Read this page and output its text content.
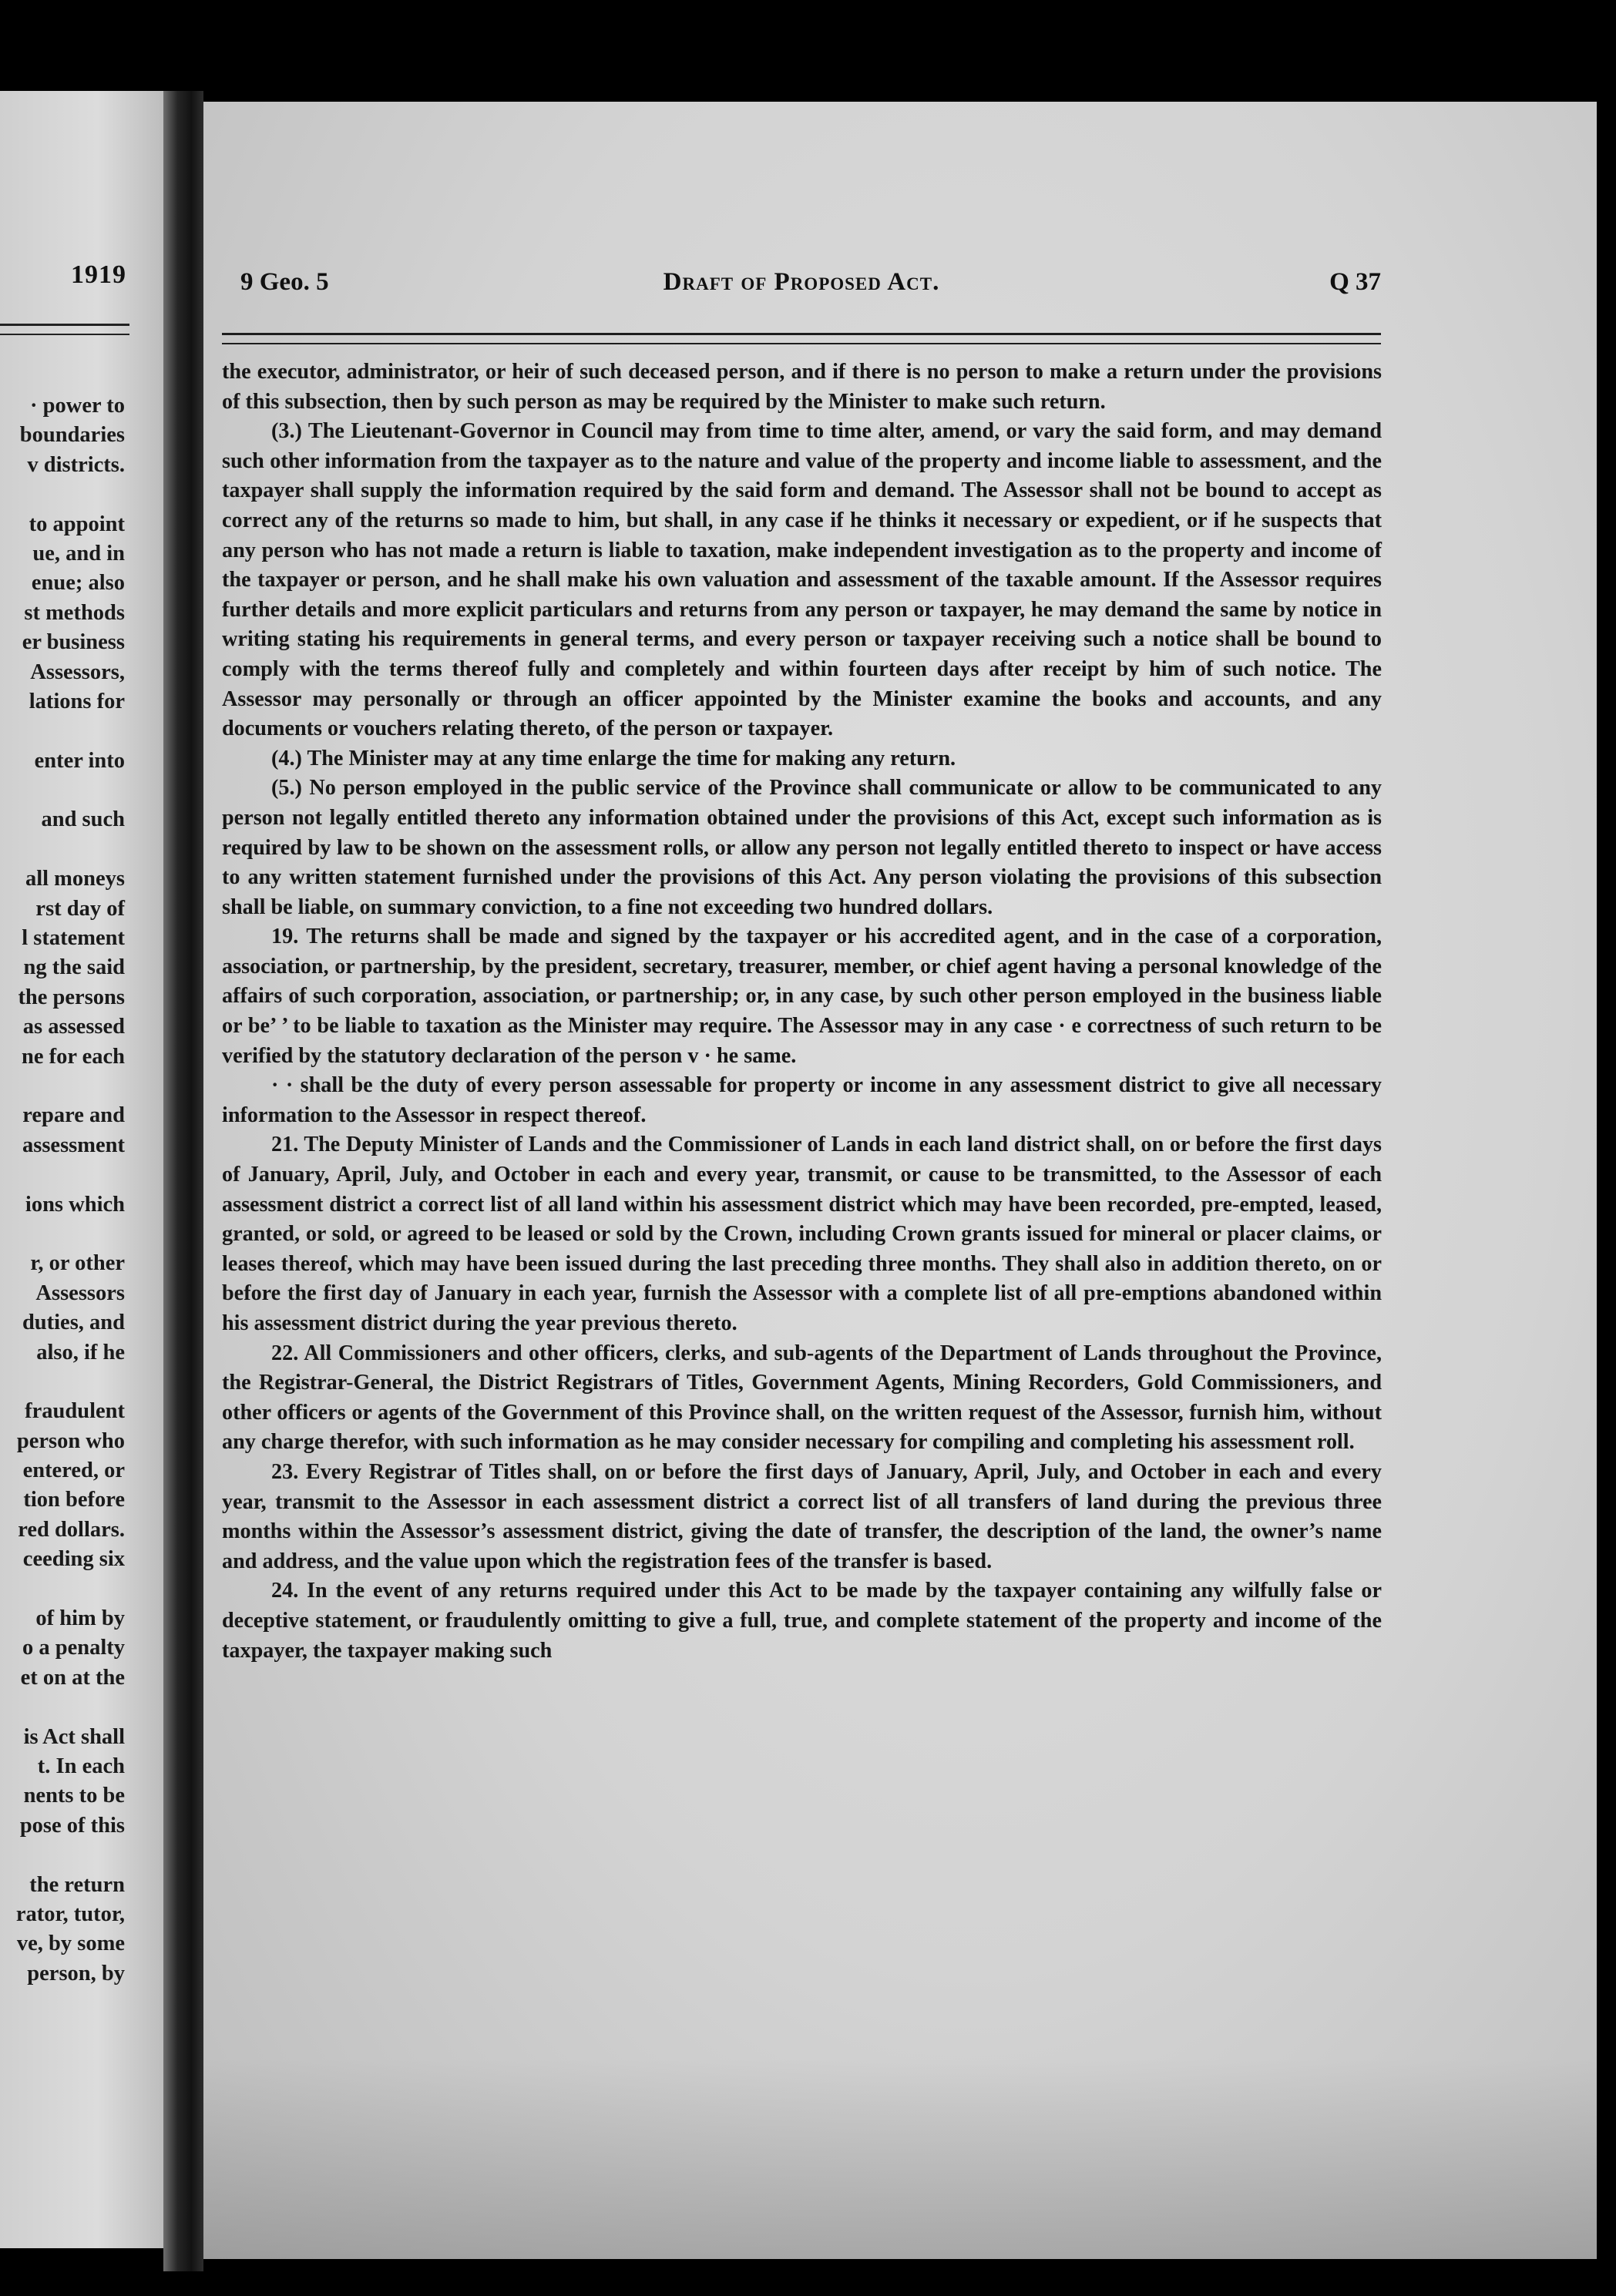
1919
· power to
boundaries
v districts.
to appoint
ue, and in
enue; also
st methods
er business
Assessors,
lations for
enter into
and such
all moneys
rst day of
l statement
ng the said
the persons
as assessed
ne for each
repare and
assessment
ions which
r, or other
Assessors
duties, and
also, if he
fraudulent
person who
entered, or
tion before
red dollars.
ceeding six
of him by
o a penalty
et on at the
is Act shall
t. In each
nents to be
pose of this
the return
rator, tutor,
ve, by some
person, by
9 Geo. 5	Draft of Proposed Act.	Q 37

the executor, administrator, or heir of such deceased person, and if there is no person to make a return under the provisions of this subsection, then by such person as may be required by the Minister to make such return.

(3.) The Lieutenant-Governor in Council may from time to time alter, amend, or vary the said form, and may demand such other information from the taxpayer as to the nature and value of the property and income liable to assessment, and the taxpayer shall supply the information required by the said form and demand. The Assessor shall not be bound to accept as correct any of the returns so made to him, but shall, in any case if he thinks it necessary or expedient, or if he suspects that any person who has not made a return is liable to taxation, make independent investigation as to the property and income of the taxpayer or person, and he shall make his own valuation and assessment of the taxable amount. If the Assessor requires further details and more explicit particulars and returns from any person or taxpayer, he may demand the same by notice in writing stating his requirements in general terms, and every person or taxpayer receiving such a notice shall be bound to comply with the terms thereof fully and completely and within fourteen days after receipt by him of such notice. The Assessor may personally or through an officer appointed by the Minister examine the books and accounts, and any documents or vouchers relating thereto, of the person or taxpayer.

(4.) The Minister may at any time enlarge the time for making any return.

(5.) No person employed in the public service of the Province shall communicate or allow to be communicated to any person not legally entitled thereto any information obtained under the provisions of this Act, except such information as is required by law to be shown on the assessment rolls, or allow any person not legally entitled thereto to inspect or have access to any written statement furnished under the provisions of this Act. Any person violating the provisions of this subsection shall be liable, on summary conviction, to a fine not exceeding two hundred dollars.

19. The returns shall be made and signed by the taxpayer or his accredited agent, and in the case of a corporation, association, or partnership, by the president, secretary, treasurer, member, or chief agent having a personal knowledge of the affairs of such corporation, association, or partnership; or, in any case, by such other person employed in the business liable or be’ ’ to be liable to taxation as the Minister may require. The Assessor may in any case · e correctness of such return to be verified by the statutory declaration of the person v · he same.

· · shall be the duty of every person assessable for property or income in any assessment district to give all necessary information to the Assessor in respect thereof.

21. The Deputy Minister of Lands and the Commissioner of Lands in each land district shall, on or before the first days of January, April, July, and October in each and every year, transmit, or cause to be transmitted, to the Assessor of each assessment district a correct list of all land within his assessment district which may have been recorded, pre-empted, leased, granted, or sold, or agreed to be leased or sold by the Crown, including Crown grants issued for mineral or placer claims, or leases thereof, which may have been issued during the last preceding three months. They shall also in addition thereto, on or before the first day of January in each year, furnish the Assessor with a complete list of all pre-emptions abandoned within his assessment district during the year previous thereto.

22. All Commissioners and other officers, clerks, and sub-agents of the Department of Lands throughout the Province, the Registrar-General, the District Registrars of Titles, Government Agents, Mining Recorders, Gold Commissioners, and other officers or agents of the Government of this Province shall, on the written request of the Assessor, furnish him, without any charge therefor, with such information as he may consider necessary for compiling and completing his assessment roll.

23. Every Registrar of Titles shall, on or before the first days of January, April, July, and October in each and every year, transmit to the Assessor in each assessment district a correct list of all transfers of land during the previous three months within the Assessor’s assessment district, giving the date of transfer, the description of the land, the owner’s name and address, and the value upon which the registration fees of the transfer is based.

24. In the event of any returns required under this Act to be made by the taxpayer containing any wilfully false or deceptive statement, or fraudulently omitting to give a full, true, and complete statement of the property and income of the taxpayer, the taxpayer making such
